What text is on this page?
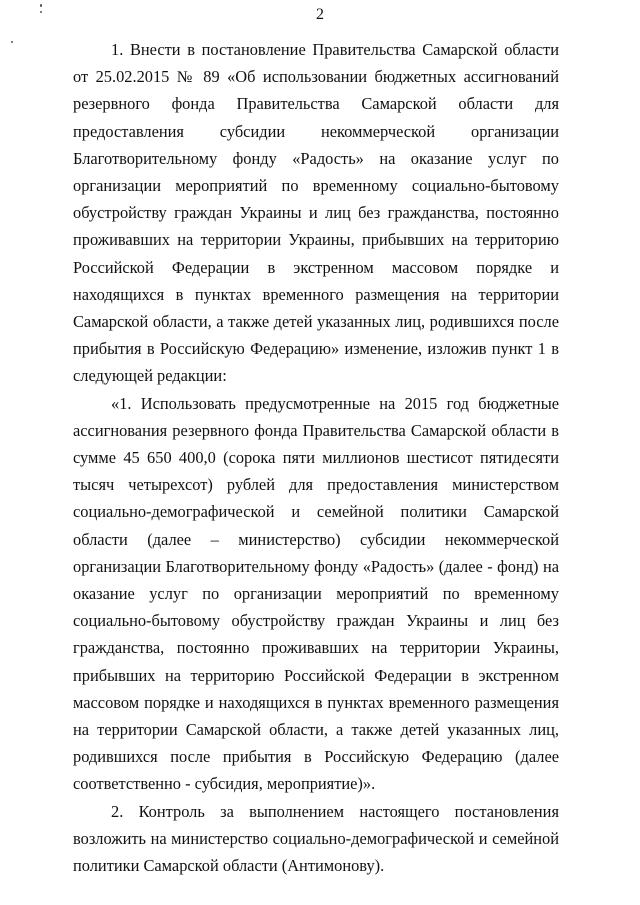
2

1. Внести в постановление Правительства Самарской области от 25.02.2015 № 89 «Об использовании бюджетных ассигнований резервного фонда Правительства Самарской области для предоставления субсидии некоммерческой организации Благотворительному фонду «Радость» на оказание услуг по организации мероприятий по временному социально-бытовому обустройству граждан Украины и лиц без гражданства, постоянно проживавших на территории Украины, прибывших на территорию Российской Федерации в экстренном массовом порядке и находящихся в пунктах временного размещения на территории Самарской области, а также детей указанных лиц, родившихся после прибытия в Российскую Федерацию» изменение, изложив пункт 1 в следующей редакции:

«1. Использовать предусмотренные на 2015 год бюджетные ассигнования резервного фонда Правительства Самарской области в сумме 45 650 400,0 (сорока пяти миллионов шестисот пятидесяти тысяч четырехсот) рублей для предоставления министерством социально-демографической и семейной политики Самарской области (далее – министерство) субсидии некоммерческой организации Благотворительному фонду «Радость» (далее - фонд) на оказание услуг по организации мероприятий по временному социально-бытовому обустройству граждан Украины и лиц без гражданства, постоянно проживавших на территории Украины, прибывших на территорию Российской Федерации в экстренном массовом порядке и находящихся в пунктах временного размещения на территории Самарской области, а также детей указанных лиц, родившихся после прибытия в Российскую Федерацию (далее соответственно - субсидия, мероприятие)».

2. Контроль за выполнением настоящего постановления возложить на министерство социально-демографической и семейной политики Самарской области (Антимонову).
